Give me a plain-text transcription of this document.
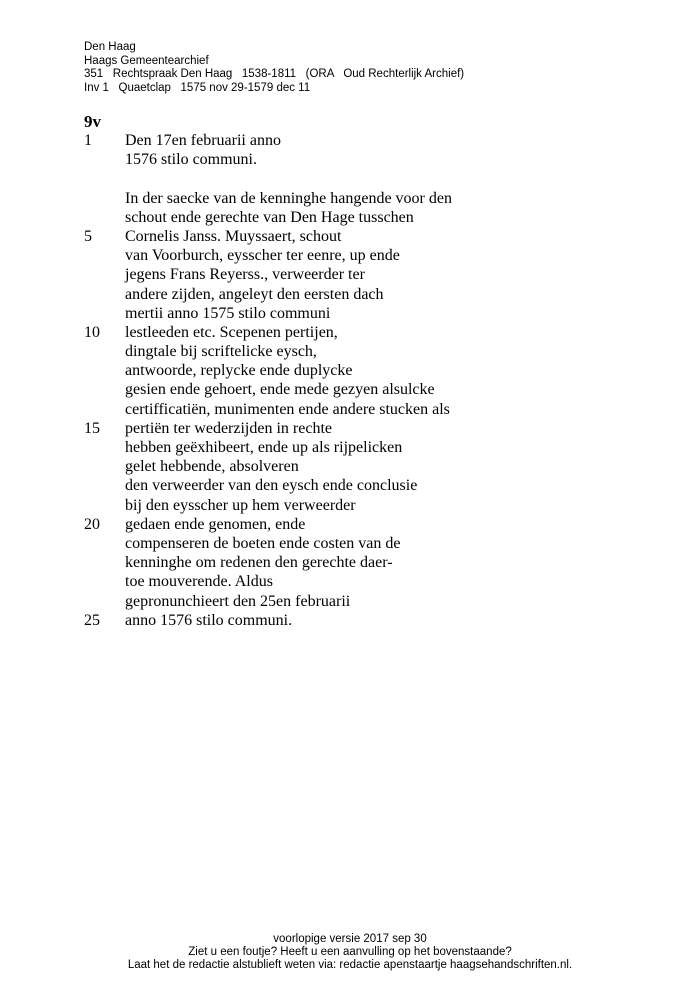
Den Haag
Haags Gemeentearchief
351   Rechtspraak Den Haag   1538-1811   (ORA   Oud Rechterlijk Archief)
Inv 1   Quaetclap   1575 nov 29-1579 dec 11
9v
1	Den 17en februarii anno
1576 stilo communi.
In der saecke van de kenninghe hangende voor den
schout ende gerechte van Den Hage tusschen
5	Cornelis Janss. Muyssaert, schout
van Voorburch, eysscher ter eenre, up ende
jegens Frans Reyerss., verweerder ter
andere zijden, angeleyt den eersten dach
mertii anno 1575 stilo communi
10	lestleeden etc. Scepenen pertijen,
dingtale bij scriftelicke eysch,
antwoorde, replycke ende duplycke
gesien ende gehoert, ende mede gezyen alsulcke
certifficatiën, munimenten ende andere stucken als
15	pertiën ter wederzijden in rechte
hebben geëxhibeert, ende up als rijpelicken
gelet hebbende, absolveren
den verweerder van den eysch ende conclusie
bij den eysscher up hem verweerder
20	gedaen ende genomen, ende
compenseren de boeten ende costen van de
kenninghe om redenen den gerechte daer-
toe mouverende. Aldus
gepronunchieert den 25en februarii
25	anno 1576 stilo communi.
voorlopige versie 2017 sep 30
Ziet u een foutje? Heeft u een aanvulling op het bovenstaande?
Laat het de redactie alstublieft weten via: redactie apenstaartje haagsehandschriften.nl.
